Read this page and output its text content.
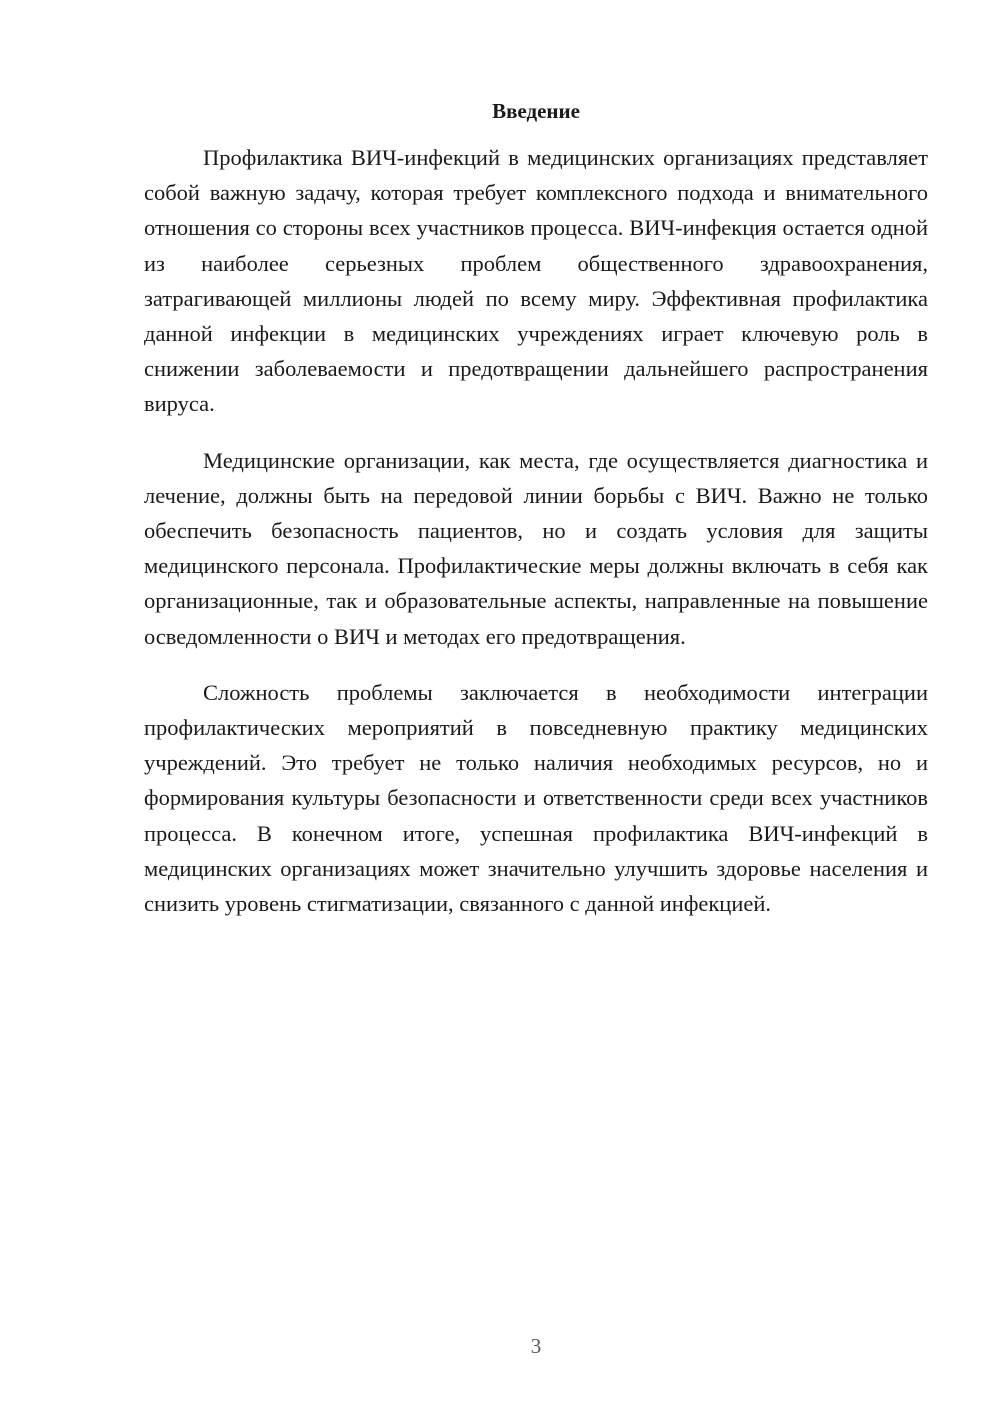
Введение

Профилактика ВИЧ-инфекций в медицинских организациях представляет собой важную задачу, которая требует комплексного подхода и внимательного отношения со стороны всех участников процесса. ВИЧ-инфекция остается одной из наиболее серьезных проблем общественного здравоохранения, затрагивающей миллионы людей по всему миру. Эффективная профилактика данной инфекции в медицинских учреждениях играет ключевую роль в снижении заболеваемости и предотвращении дальнейшего распространения вируса.

Медицинские организации, как места, где осуществляется диагностика и лечение, должны быть на передовой линии борьбы с ВИЧ. Важно не только обеспечить безопасность пациентов, но и создать условия для защиты медицинского персонала. Профилактические меры должны включать в себя как организационные, так и образовательные аспекты, направленные на повышение осведомленности о ВИЧ и методах его предотвращения.

Сложность проблемы заключается в необходимости интеграции профилактических мероприятий в повседневную практику медицинских учреждений. Это требует не только наличия необходимых ресурсов, но и формирования культуры безопасности и ответственности среди всех участников процесса. В конечном итоге, успешная профилактика ВИЧ-инфекций в медицинских организациях может значительно улучшить здоровье населения и снизить уровень стигматизации, связанного с данной инфекцией.

3
